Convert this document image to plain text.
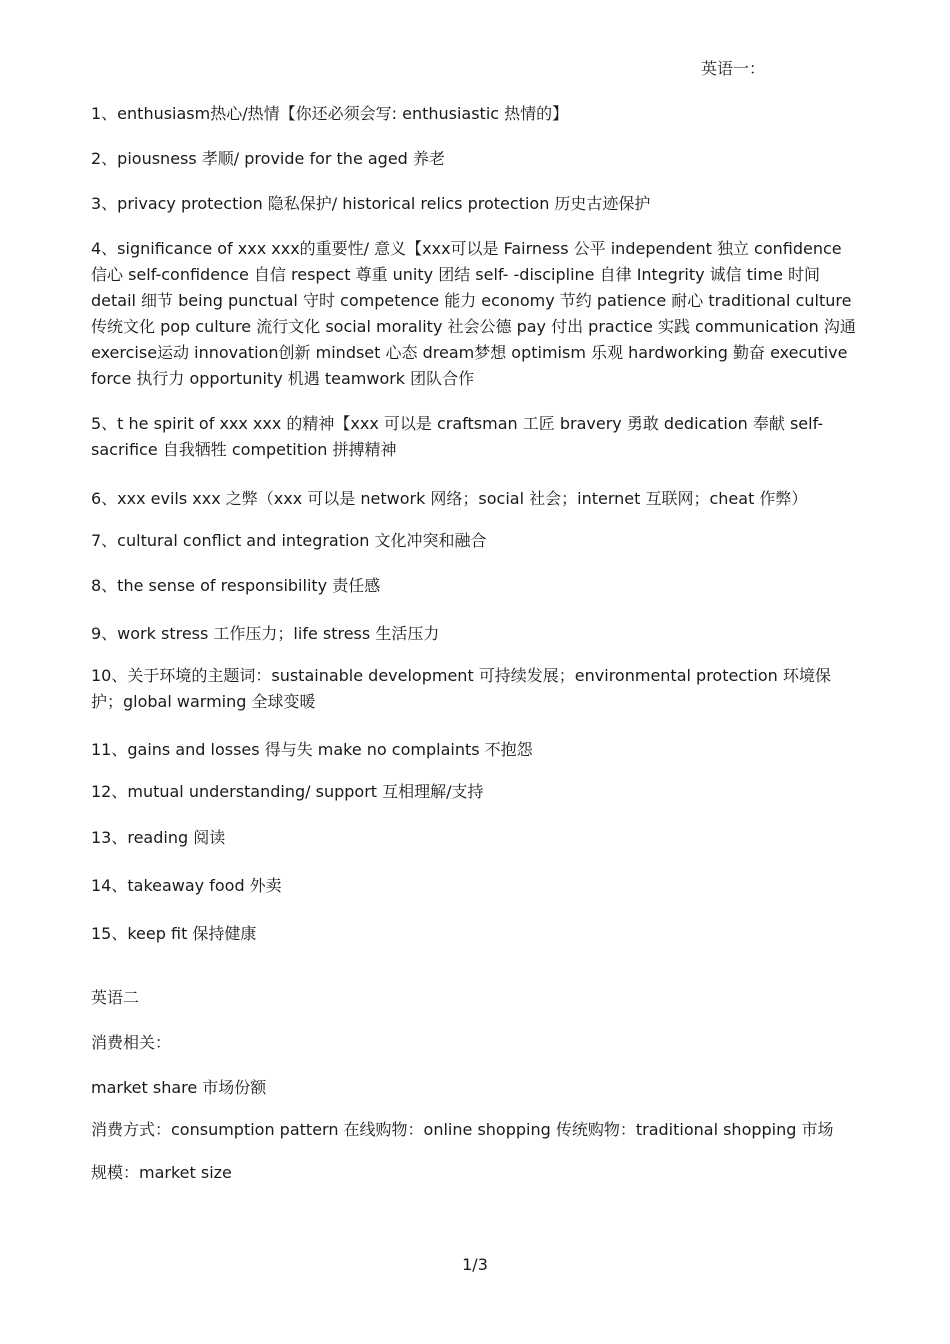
英语一：

1、enthusiasm热心/热情【你还必须会写: enthusiastic 热情的】

2、piousness 孝顺/ provide for the aged 养老

3、privacy protection 隐私保护/ historical relics protection 历史古迹保护

4、significance of xxx xxx的重要性/ 意义【xxx可以是 Fairness 公平 independent 独立 confidence 信心 self-confidence 自信 respect 尊重 unity 团结 self- -discipline 自律 Integrity 诚信 time 时间 detail 细节 being punctual 守时 competence 能力 economy 节约 patience 耐心 traditional culture 传统文化 pop culture 流行文化 social morality 社会公德 pay 付出 practice 实践 communication 沟通 exercise运动 innovation创新 mindset 心态 dream梦想 optimism 乐观 hardworking 勤奋 executive force 执行力 opportunity 机遇 teamwork 团队合作

5、t he spirit of xxx xxx 的精神【xxx 可以是 craftsman 工匠 bravery 勇敢 dedication 奉献 self-sacrifice 自我牺牲 competition 拼搏精神

6、xxx evils xxx 之弊（xxx 可以是 network 网络；social 社会；internet 互联网；cheat 作弊）

7、cultural conflict and integration 文化冲突和融合

8、the sense of responsibility 责任感

9、work stress 工作压力；life stress 生活压力

10、关于环境的主题词：sustainable development 可持续发展；environmental protection 环境保护；global warming 全球变暖

11、gains and losses 得与失 make no complaints 不抱怨

12、mutual understanding/ support 互相理解/支持

13、reading 阅读

14、takeaway food 外卖

15、keep fit 保持健康

英语二

消费相关：

market share 市场份额

消费方式：consumption pattern 在线购物：online shopping 传统购物：traditional shopping 市场

规模：market size

1/3
